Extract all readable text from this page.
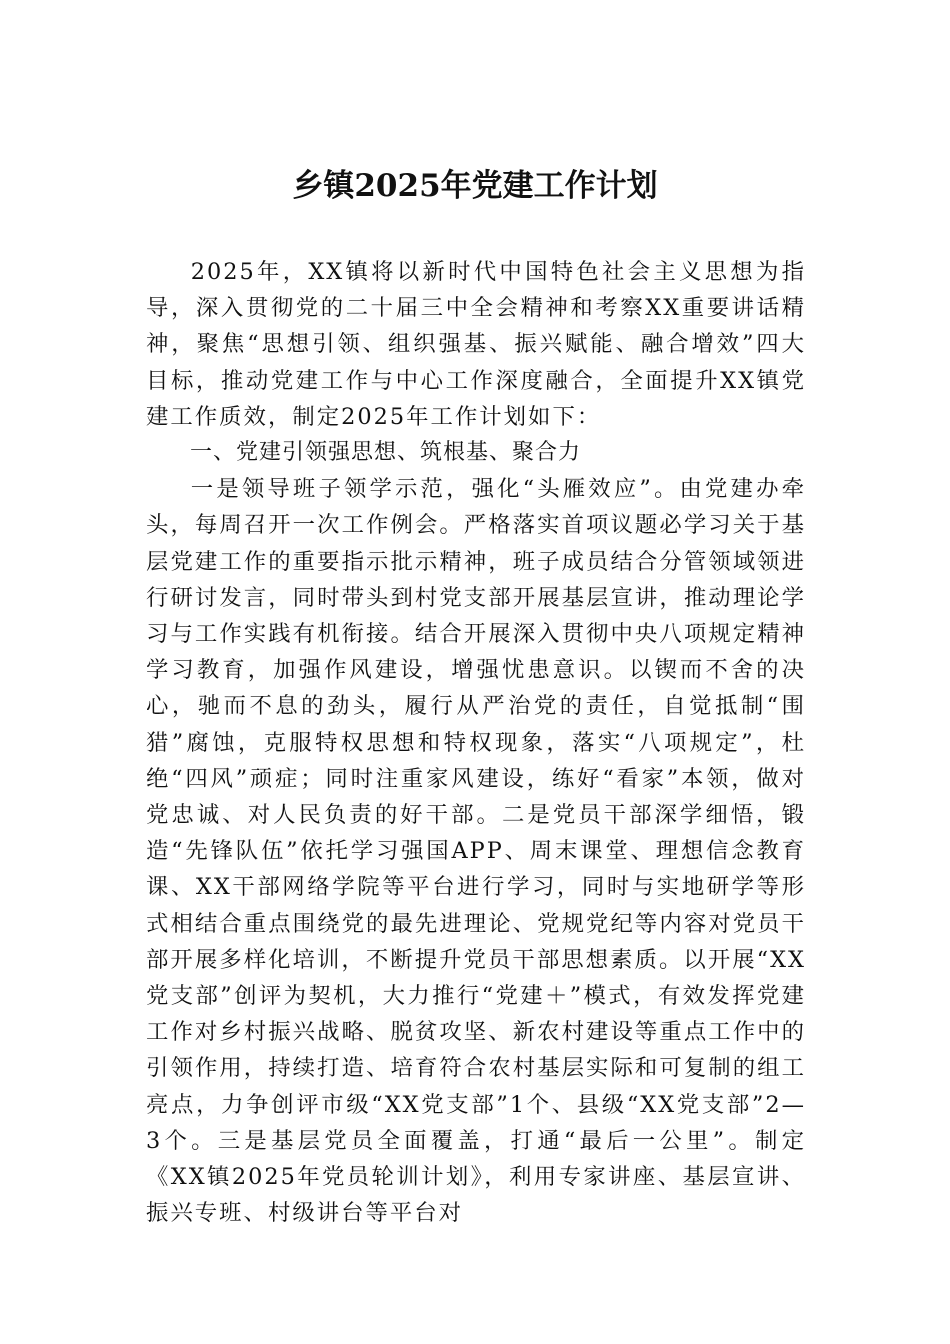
乡镇2025年党建工作计划

2025年，XX镇将以新时代中国特色社会主义思想为指导，深入贯彻党的二十届三中全会精神和考察XX重要讲话精神，聚焦“思想引领、组织强基、振兴赋能、融合增效”四大目标，推动党建工作与中心工作深度融合，全面提升XX镇党建工作质效，制定2025年工作计划如下：

一、党建引领强思想、筑根基、聚合力

一是领导班子领学示范，强化“头雁效应”。由党建办牵头，每周召开一次工作例会。严格落实首项议题必学习关于基层党建工作的重要指示批示精神，班子成员结合分管领域领进行研讨发言，同时带头到村党支部开展基层宣讲，推动理论学习与工作实践有机衔接。结合开展深入贯彻中央八项规定精神学习教育，加强作风建设，增强忧患意识。以锲而不舍的决心，驰而不息的劲头，履行从严治党的责任，自觉抵制“围猎”腐蚀，克服特权思想和特权现象，落实“八项规定”，杜绝“四风”顽症；同时注重家风建设，练好“看家”本领，做对党忠诚、对人民负责的好干部。二是党员干部深学细悟，锻造“先锋队伍”依托学习强国APP、周末课堂、理想信念教育课、XX干部网络学院等平台进行学习，同时与实地研学等形式相结合重点围绕党的最先进理论、党规党纪等内容对党员干部开展多样化培训，不断提升党员干部思想素质。以开展“XX党支部”创评为契机，大力推行“党建＋”模式，有效发挥党建工作对乡村振兴战略、脱贫攻坚、新农村建设等重点工作中的引领作用，持续打造、培育符合农村基层实际和可复制的组工亮点，力争创评市级“XX党支部”1个、县级“XX党支部”2—3个。三是基层党员全面覆盖，打通“最后一公里”。制定《XX镇2025年党员轮训计划》，利用专家讲座、基层宣讲、振兴专班、村级讲台等平台对
